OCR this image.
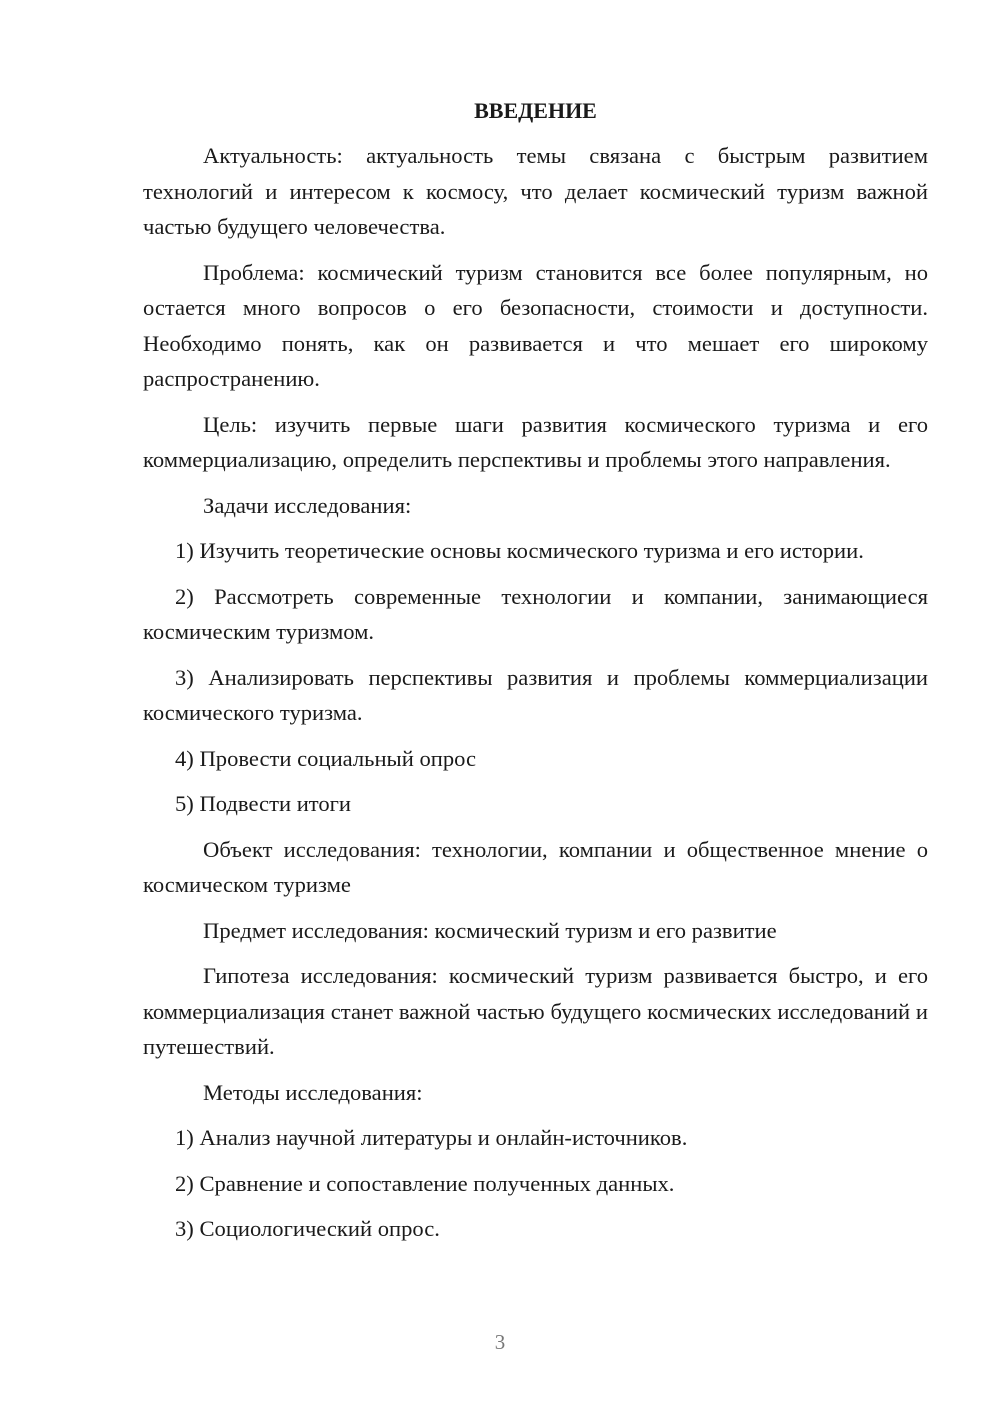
ВВЕДЕНИЕ

Актуальность: актуальность темы связана с быстрым развитием технологий и интересом к космосу, что делает космический туризм важной частью будущего человечества.

Проблема: космический туризм становится все более популярным, но остается много вопросов о его безопасности, стоимости и доступности. Необходимо понять, как он развивается и что мешает его широкому распространению.

Цель: изучить первые шаги развития космического туризма и его коммерциализацию, определить перспективы и проблемы этого направления.

Задачи исследования:

1) Изучить теоретические основы космического туризма и его истории.

2) Рассмотреть современные технологии и компании, занимающиеся космическим туризмом.

3) Анализировать перспективы развития и проблемы коммерциализации космического туризма.

4) Провести социальный опрос

5) Подвести итоги

Объект исследования: технологии, компании и общественное мнение о космическом туризме

Предмет исследования: космический туризм и его развитие

Гипотеза исследования: космический туризм развивается быстро, и его коммерциализация станет важной частью будущего космических исследований и путешествий.

Методы исследования:

1) Анализ научной литературы и онлайн-источников.

2) Сравнение и сопоставление полученных данных.

3) Социологический опрос.

3
